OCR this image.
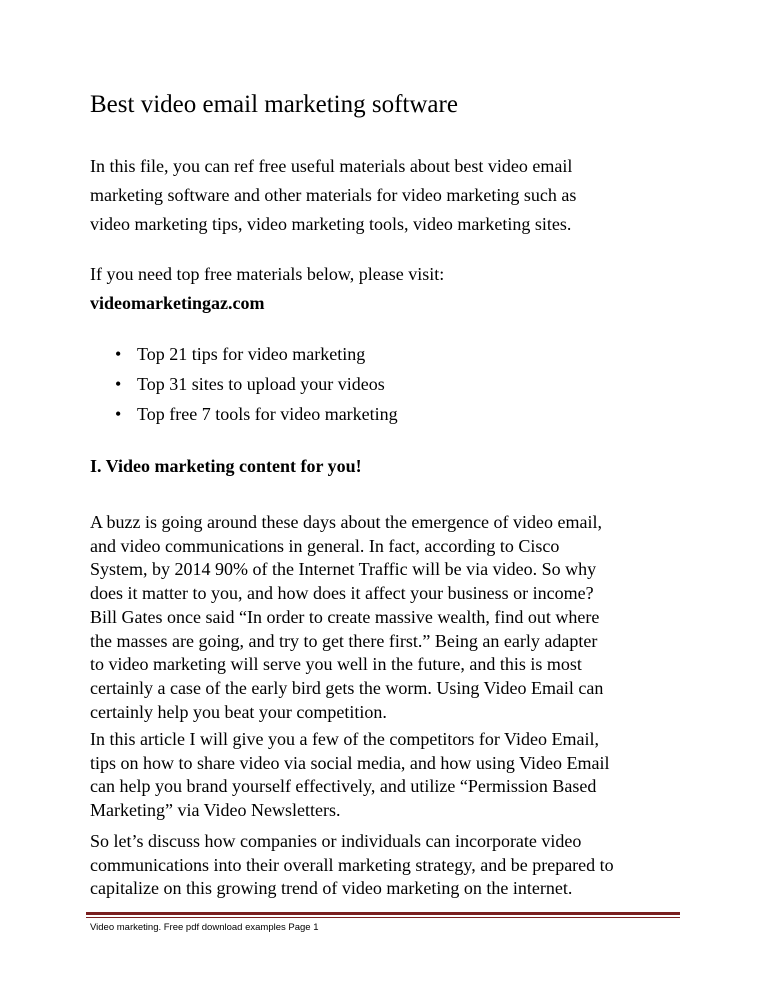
Best video email marketing software

In this file, you can ref free useful materials about best video email
marketing software and other materials for video marketing such as
video marketing tips, video marketing tools, video marketing sites.

If you need top free materials below, please visit:
videomarketingaz.com

• Top 21 tips for video marketing
• Top 31 sites to upload your videos
• Top free 7 tools for video marketing
I. Video marketing content for you!

A buzz is going around these days about the emergence of video email,
and video communications in general. In fact, according to Cisco
System, by 2014 90% of the Internet Traffic will be via video. So why
does it matter to you, and how does it affect your business or income?
Bill Gates once said “In order to create massive wealth, find out where
the masses are going, and try to get there first.” Being an early adapter
to video marketing will serve you well in the future, and this is most
certainly a case of the early bird gets the worm. Using Video Email can
certainly help you beat your competition.

In this article I will give you a few of the competitors for Video Email,
tips on how to share video via social media, and how using Video Email
can help you brand yourself effectively, and utilize “Permission Based
Marketing” via Video Newsletters.

So let’s discuss how companies or individuals can incorporate video
communications into their overall marketing strategy, and be prepared to
capitalize on this growing trend of video marketing on the internet.

Video marketing. Free pdf download examples Page 1
